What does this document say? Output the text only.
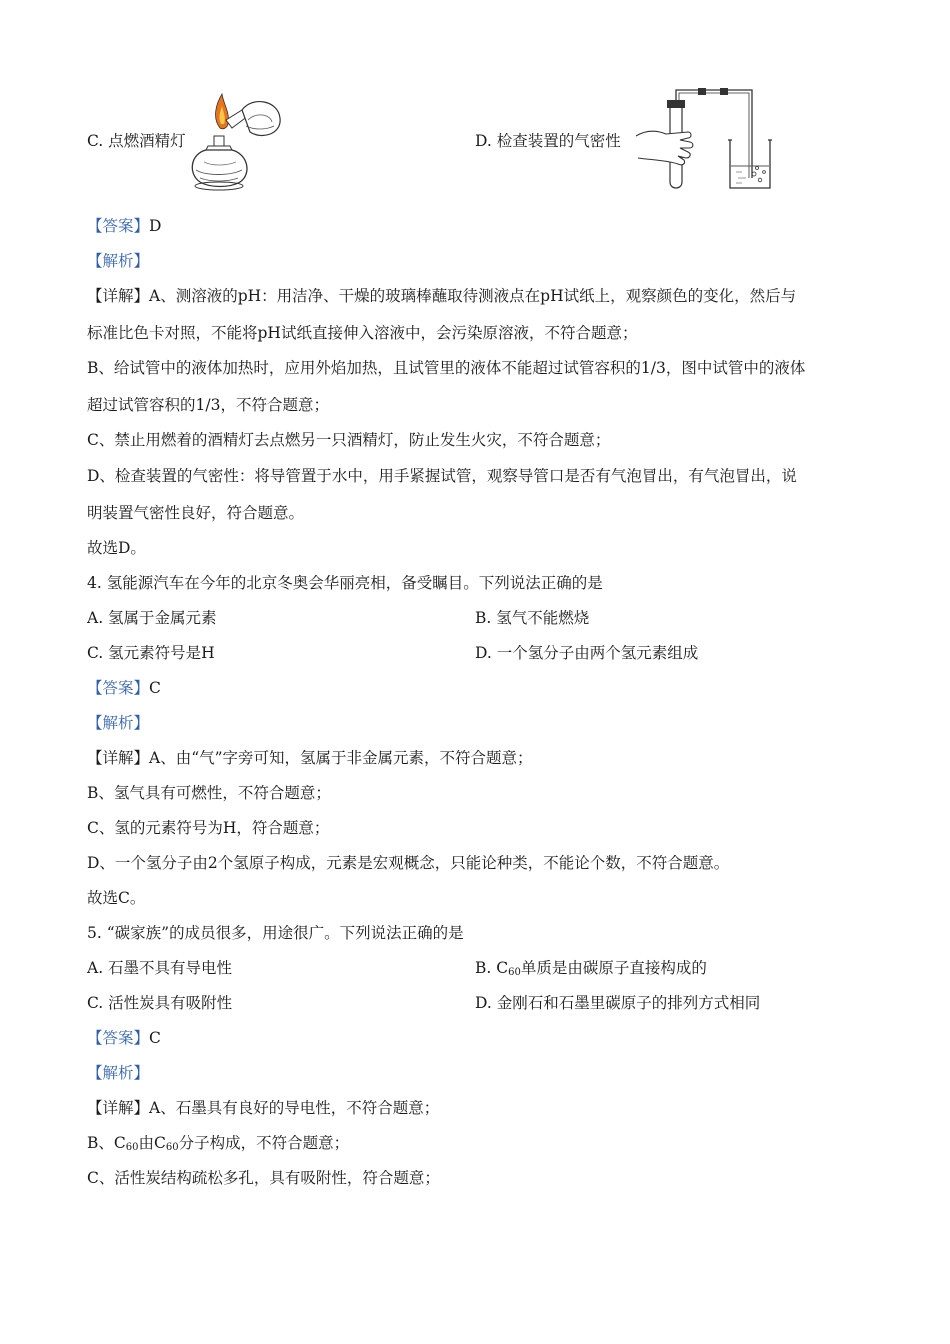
C. 点燃酒精灯	D. 检查装置的气密性
【答案】D
【解析】
【详解】A、测溶液的pH：用洁净、干燥的玻璃棒蘸取待测液点在pH试纸上，观察颜色的变化，然后与
标准比色卡对照，不能将pH试纸直接伸入溶液中，会污染原溶液，不符合题意；
B、给试管中的液体加热时，应用外焰加热，且试管里的液体不能超过试管容积的1/3，图中试管中的液体
超过试管容积的1/3，不符合题意；
C、禁止用燃着的酒精灯去点燃另一只酒精灯，防止发生火灾，不符合题意；
D、检查装置的气密性：将导管置于水中，用手紧握试管，观察导管口是否有气泡冒出，有气泡冒出，说
明装置气密性良好，符合题意。
故选D。
4. 氢能源汽车在今年的北京冬奥会华丽亮相，备受瞩目。下列说法正确的是
A. 氢属于金属元素	B. 氢气不能燃烧
C. 氢元素符号是H	D. 一个氢分子由两个氢元素组成
【答案】C
【解析】
【详解】A、由“气”字旁可知，氢属于非金属元素，不符合题意；
B、氢气具有可燃性，不符合题意；
C、氢的元素符号为H，符合题意；
D、一个氢分子由2个氢原子构成，元素是宏观概念，只能论种类，不能论个数，不符合题意。
故选C。
5. “碳家族”的成员很多，用途很广。下列说法正确的是
A. 石墨不具有导电性	B. $C_{60}$单质是由碳原子直接构成的
C. 活性炭具有吸附性	D. 金刚石和石墨里碳原子的排列方式相同
【答案】C
【解析】
【详解】A、石墨具有良好的导电性，不符合题意；
B、$C_{60}$由$C_{60}$分子构成，不符合题意；
C、活性炭结构疏松多孔，具有吸附性，符合题意；
